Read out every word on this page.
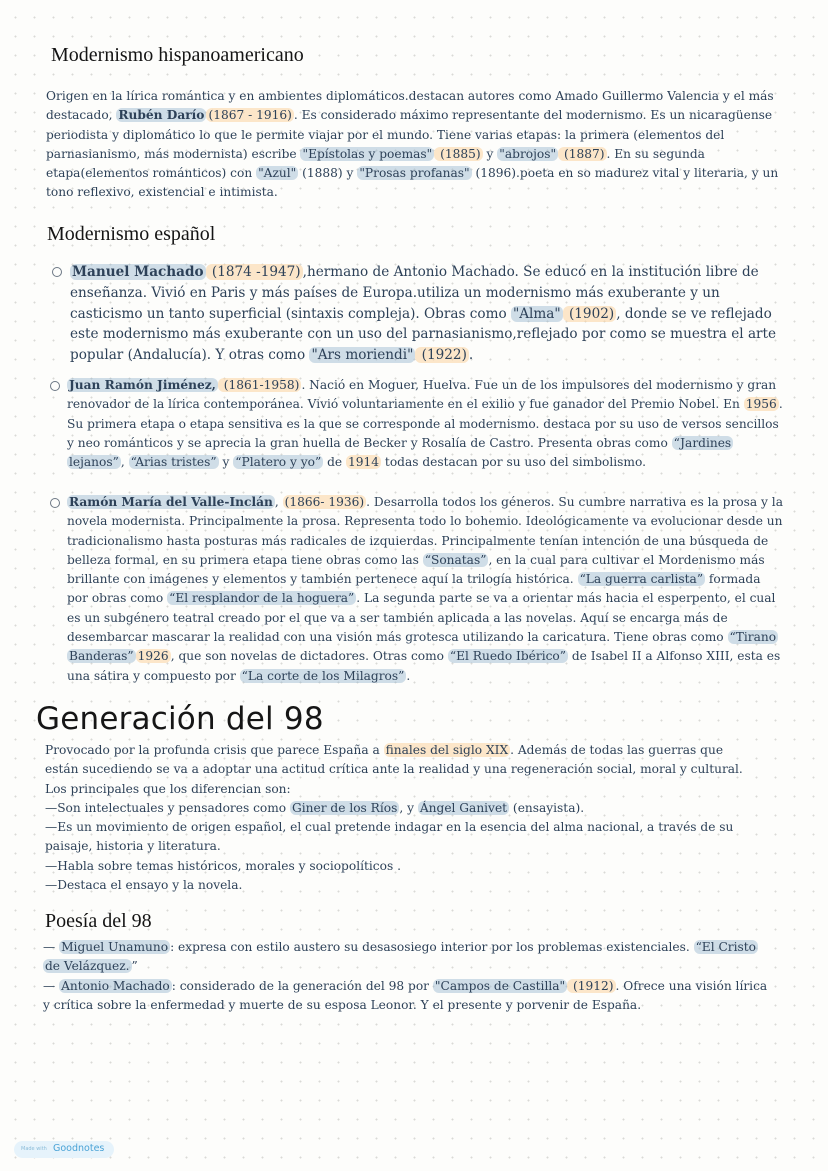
Modernismo hispanoamericano
Origen en la lírica romántica y en ambientes diplomáticos.destacan autores como Amado Guillermo Valencia y el más
destacado, Rubén Darío (1867 - 1916) . Es considerado máximo representante del modernismo. Es un nicaragüense
periodista y diplomático lo que le permite viajar por el mundo. Tiene varias etapas: la primera (elementos del
parnasianismo, más modernista) escribe "Epístolas y poemas" (1885) y "abrojos" (1887) . En su segunda
etapa(elementos románticos) con "Azul" (1888) y "Prosas profanas" (1896).poeta en so madurez vital y literaria, y un
tono reflexivo, existencial e intimista.
Modernismo español
Manuel Machado (1874 -1947) ,hermano de Antonio Machado. Se educó en la institución libre de
enseñanza. Vivió en Paris y más países de Europa.utiliza un modernismo más exuberante y un
casticismo un tanto superficial (sintaxis compleja). Obras como "Alma" (1902) , donde se ve reflejado
este modernismo más exuberante con un uso del parnasianismo,reflejado por como se muestra el arte
popular (Andalucía). Y otras como "Ars moriendi" (1922) .
Juan Ramón Jiménez, (1861-1958) . Nació en Moguer, Huelva. Fue un de los impulsores del modernismo y gran
renovador de la lírica contemporánea. Vivió voluntariamente en el exilio y fue ganador del Premio Nobel. En 1956 .
Su primera etapa o etapa sensitiva es la que se corresponde al modernismo. destaca por su uso de versos sencillos
y neo románticos y se aprecia la gran huella de Becker y Rosalía de Castro. Presenta obras como “Jardines
lejanos” , “Arias tristes” y “Platero y yo” de 1914 todas destacan por su uso del simbolismo.
Ramón María del Valle-Inclán , (1866- 1936) . Desarrolla todos los géneros. Su cumbre narrativa es la prosa y la
novela modernista. Principalmente la prosa. Representa todo lo bohemio. Ideológicamente va evolucionar desde un
tradicionalismo hasta posturas más radicales de izquierdas. Principalmente tenían intención de una búsqueda de
belleza formal, en su primera etapa tiene obras como las “Sonatas” , en la cual para cultivar el Mordenismo más
brillante con imágenes y elementos y también pertenece aquí la trilogía histórica. “La guerra carlista” formada
por obras como “El resplandor de la hoguera” . La segunda parte se va a orientar más hacia el esperpento, el cual
es un subgénero teatral creado por el que va a ser también aplicada a las novelas. Aquí se encarga más de
desembarcar mascarar la realidad con una visión más grotesca utilizando la caricatura. Tiene obras como “Tirano
Banderas” 1926 , que son novelas de dictadores. Otras como “El Ruedo Ibérico” de Isabel II a Alfonso XIII, esta es
una sátira y compuesto por “La corte de los Milagros” .
Generación del 98
Provocado por la profunda crisis que parece España a finales del siglo XIX . Además de todas las guerras que
están sucediendo se va a adoptar una actitud crítica ante la realidad y una regeneración social, moral y cultural.
Los principales que los diferencian son:
—Son intelectuales y pensadores como Giner de los Ríos , y Ángel Ganivet (ensayista).
—Es un movimiento de origen español, el cual pretende indagar en la esencia del alma nacional, a través de su
paisaje, historia y literatura.
—Habla sobre temas históricos, morales y sociopolíticos .
—Destaca el ensayo y la novela.
Poesía del 98
— Miguel Unamuno : expresa con estilo austero su desasosiego interior por los problemas existenciales. “El Cristo
de Velázquez. ”
— Antonio Machado : considerado de la generación del 98 por "Campos de Castilla" (1912) . Ofrece una visión lírica
y crítica sobre la enfermedad y muerte de su esposa Leonor. Y el presente y porvenir de España.
Made with Goodnotes
